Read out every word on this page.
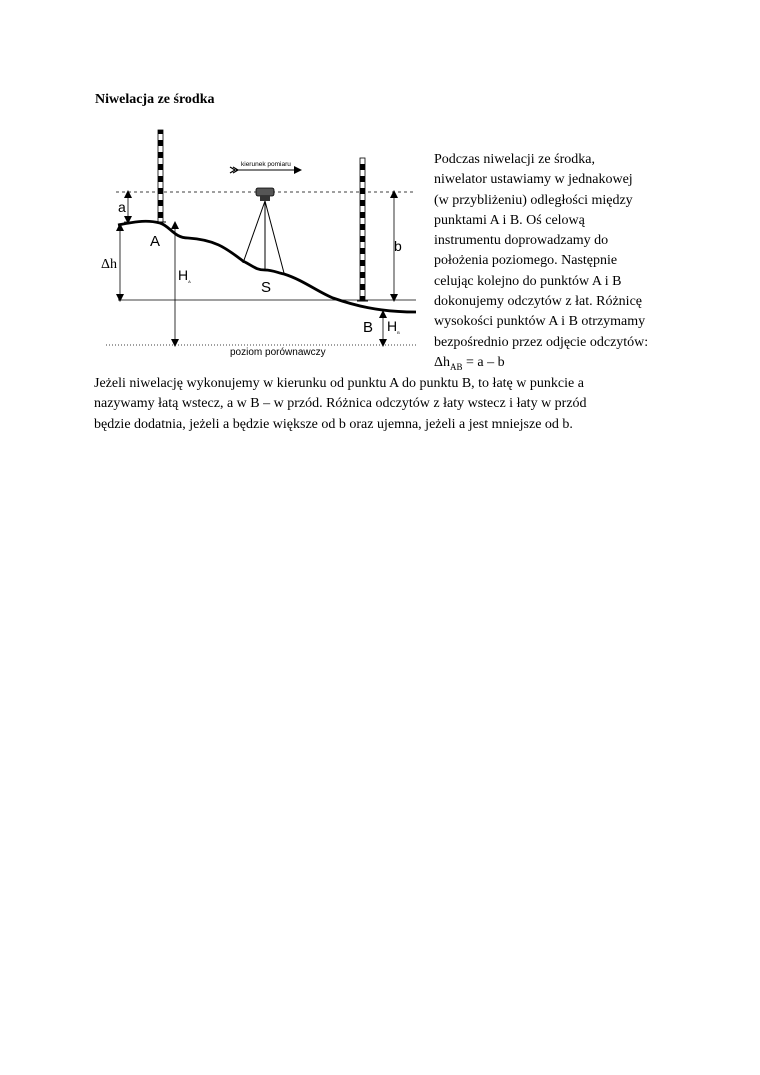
Niwelacja ze środka
kierunek pomiaru
a
b
Δh
$H_A$
$H_B$
A
S
B
poziom porównawczy
Podczas niwelacji ze środka,
niwelator ustawiamy w jednakowej
(w przybliżeniu) odległości między
punktami A i B. Oś celową
instrumentu doprowadzamy do
położenia poziomego. Następnie
celując kolejno do punktów A i B
dokonujemy odczytów z łat. Różnicę
wysokości punktów A i B otrzymamy
bezpośrednio przez odjęcie odczytów:
$\Delta h_{AB} = a - b$
Jeżeli niwelację wykonujemy w kierunku od punktu A do punktu B, to łatę w punkcie a
nazywamy łatą wstecz, a w B – w przód. Różnica odczytów z łaty wstecz i łaty w przód
będzie dodatnia, jeżeli a będzie większe od b oraz ujemna, jeżeli a jest mniejsze od b.
